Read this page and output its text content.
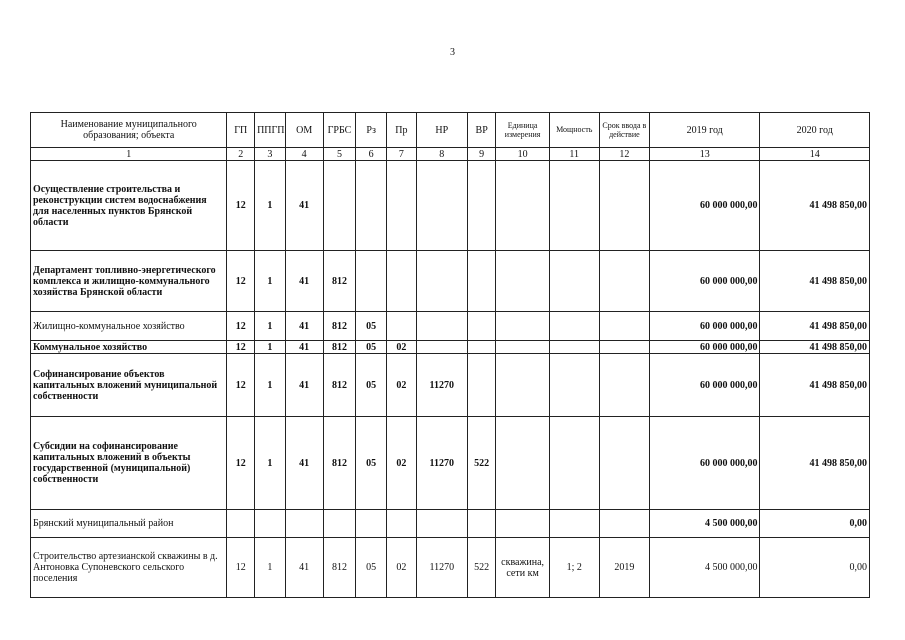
3
Наименование муниципального образования; объекта	ГП	ППГП	ОМ	ГРБС	Рз	Пр	НР	ВР	Единица измерения	Мощность	Срок ввода в действие	2019 год	2020 год
1	2	3	4	5	6	7	8	9	10	11	12	13	14
Осуществление строительства и реконструкции систем водоснабжения для населенных пунктов Брянской области	12	1	41									60 000 000,00	41 498 850,00
Департамент топливно-энергетического комплекса и жилищно-коммунального хозяйства Брянской области	12	1	41	812								60 000 000,00	41 498 850,00
Жилищно-коммунальное хозяйство	12	1	41	812	05							60 000 000,00	41 498 850,00
Коммунальное хозяйство	12	1	41	812	05	02						60 000 000,00	41 498 850,00
Софинансирование объектов капитальных вложений муниципальной собственности	12	1	41	812	05	02	11270					60 000 000,00	41 498 850,00
Субсидии на софинансирование капитальных вложений в объекты государственной (муниципальной) собственности	12	1	41	812	05	02	11270	522				60 000 000,00	41 498 850,00
Брянский муниципальный район												4 500 000,00	0,00
Строительство артезианской скважины в д. Антоновка Супоневского сельского поселения	12	1	41	812	05	02	11270	522	скважина, сети км	1; 2	2019	4 500 000,00	0,00
